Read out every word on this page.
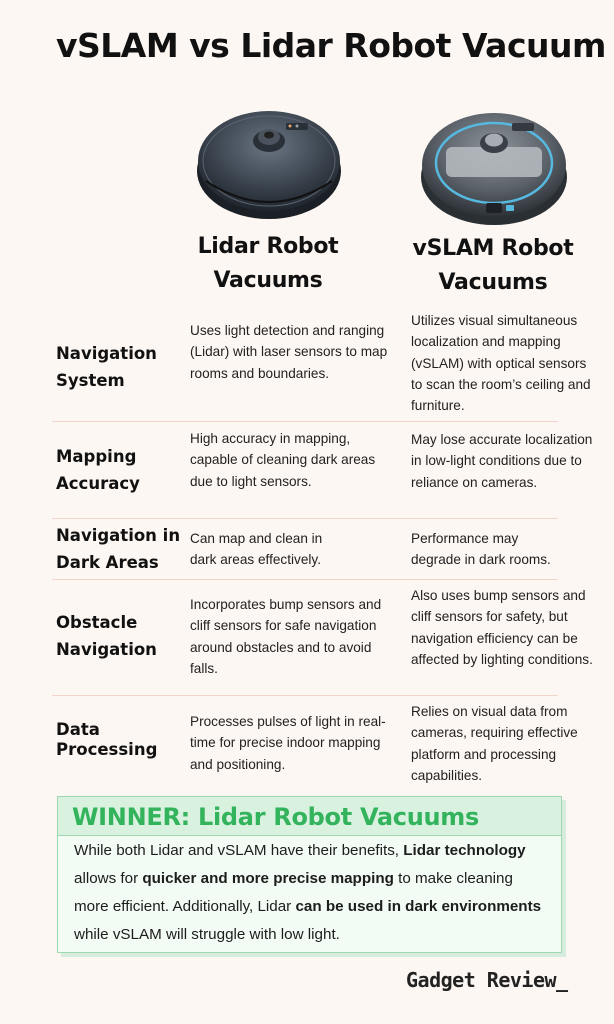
vSLAM vs Lidar Robot Vacuum
Lidar Robot
Vacuums
vSLAM Robot
Vacuums
Navigation
System
Uses light detection and ranging (Lidar) with laser sensors to map rooms and boundaries.
Utilizes visual simultaneous localization and mapping (vSLAM) with optical sensors to scan the room’s ceiling and furniture.
Mapping
Accuracy
High accuracy in mapping, capable of cleaning dark areas due to light sensors.
May lose accurate localization in low-light conditions due to reliance on cameras.
Navigation in
Dark Areas
Can map and clean in dark areas effectively.
Performance may degrade in dark rooms.
Obstacle
Navigation
Incorporates bump sensors and cliff sensors for safe navigation around obstacles and to avoid falls.
Also uses bump sensors and cliff sensors for safety, but navigation efficiency can be affected by lighting conditions.
Data
Processing
Processes pulses of light in real-time for precise indoor mapping and positioning.
Relies on visual data from cameras, requiring effective platform and processing capabilities.
WINNER: Lidar Robot Vacuums
While both Lidar and vSLAM have their benefits, Lidar technology allows for quicker and more precise mapping to make cleaning more efficient. Additionally, Lidar can be used in dark environments while vSLAM will struggle with low light.
Gadget Review_
